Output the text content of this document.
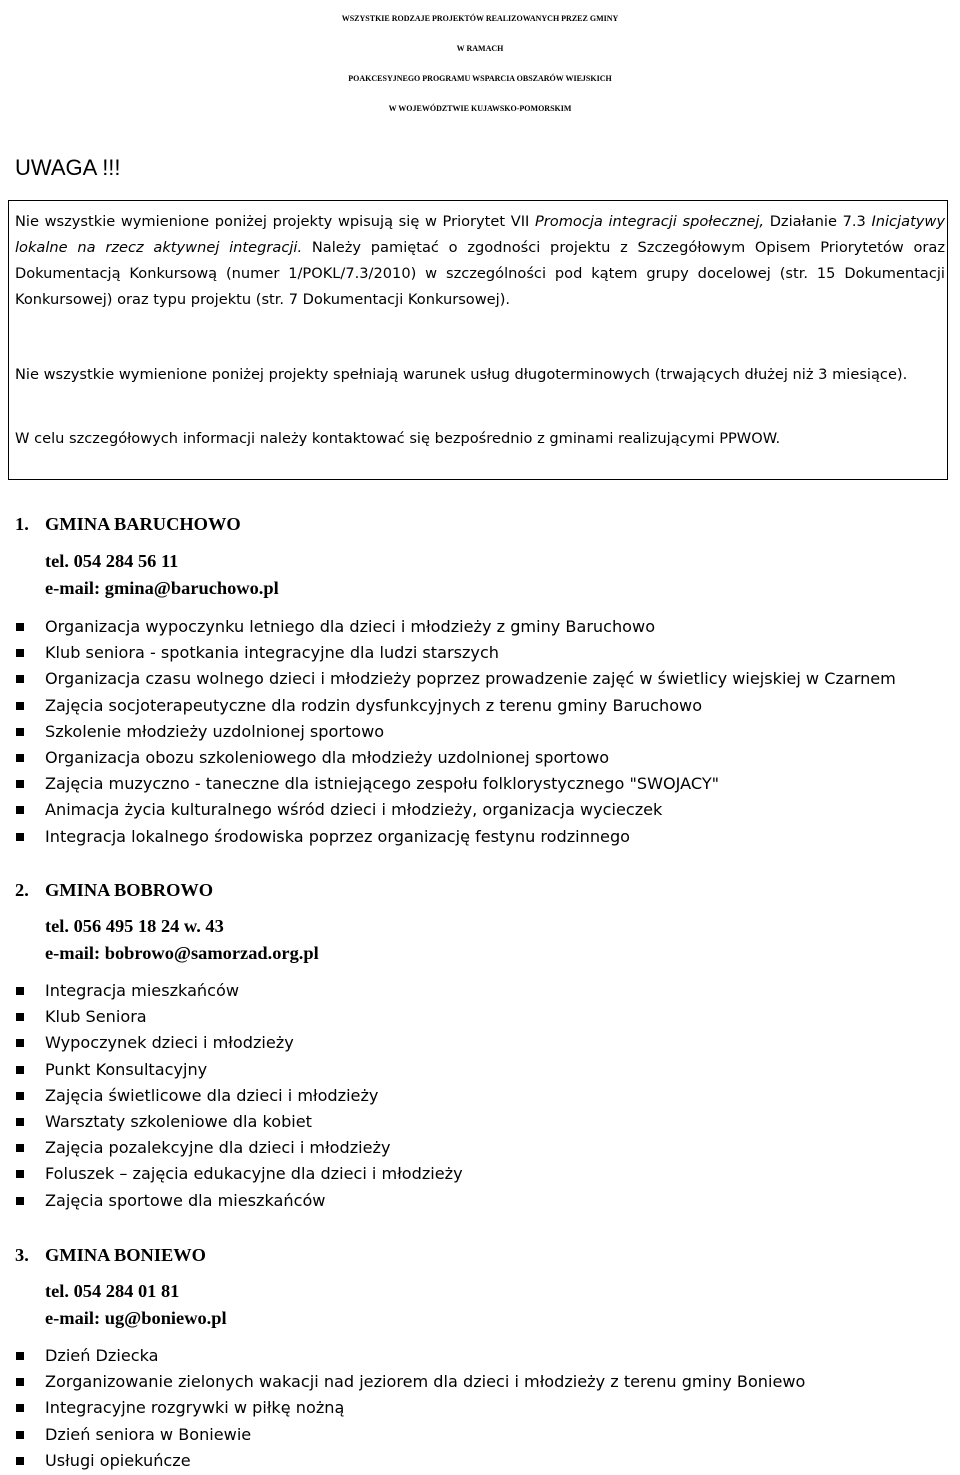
WSZYSTKIE RODZAJE PROJEKTÓW REALIZOWANYCH PRZEZ GMINY
W RAMACH
POAKCESYJNEGO PROGRAMU WSPARCIA OBSZARÓW WIEJSKICH
W WOJEWÓDZTWIE KUJAWSKO-POMORSKIM
UWAGA !!!
Nie wszystkie wymienione poniżej projekty wpisują się w Priorytet VII Promocja integracji społecznej, Działanie 7.3 Inicjatywy lokalne na rzecz aktywnej integracji. Należy pamiętać o zgodności projektu z Szczegółowym Opisem Priorytetów oraz Dokumentacją Konkursową (numer 1/POKL/7.3/2010) w szczególności pod kątem grupy docelowej (str. 15 Dokumentacji Konkursowej) oraz typu projektu (str. 7 Dokumentacji Konkursowej).
Nie wszystkie wymienione poniżej projekty spełniają warunek usług długoterminowych (trwających dłużej niż 3 miesiące).
W celu szczegółowych informacji należy kontaktować się bezpośrednio z gminami realizującymi PPWOW.
1. GMINA BARUCHOWO
tel. 054 284 56 11
e-mail: gmina@baruchowo.pl
Organizacja wypoczynku letniego dla dzieci i młodzieży z gminy Baruchowo
Klub seniora - spotkania integracyjne dla ludzi starszych
Organizacja czasu wolnego dzieci i młodzieży poprzez prowadzenie zajęć w świetlicy wiejskiej w Czarnem
Zajęcia socjoterapeutyczne dla rodzin dysfunkcyjnych z terenu gminy Baruchowo
Szkolenie młodzieży uzdolnionej sportowo
Organizacja obozu szkoleniowego dla młodzieży uzdolnionej sportowo
Zajęcia muzyczno - taneczne dla istniejącego zespołu folklorystycznego "SWOJACY"
Animacja życia kulturalnego wśród dzieci i młodzieży, organizacja wycieczek
Integracja lokalnego środowiska poprzez organizację festynu rodzinnego
2. GMINA BOBROWO
tel. 056 495 18 24 w. 43
e-mail: bobrowo@samorzad.org.pl
Integracja mieszkańców
Klub Seniora
Wypoczynek dzieci i młodzieży
Punkt Konsultacyjny
Zajęcia świetlicowe dla dzieci i młodzieży
Warsztaty szkoleniowe dla kobiet
Zajęcia pozalekcyjne dla dzieci i młodzieży
Foluszek – zajęcia edukacyjne dla dzieci i młodzieży
Zajęcia sportowe dla mieszkańców
3. GMINA BONIEWO
tel. 054 284 01 81
e-mail: ug@boniewo.pl
Dzień Dziecka
Zorganizowanie zielonych wakacji nad jeziorem dla dzieci i młodzieży z terenu gminy Boniewo
Integracyjne rozgrywki w piłkę nożną
Dzień seniora w Boniewie
Usługi opiekuńcze
